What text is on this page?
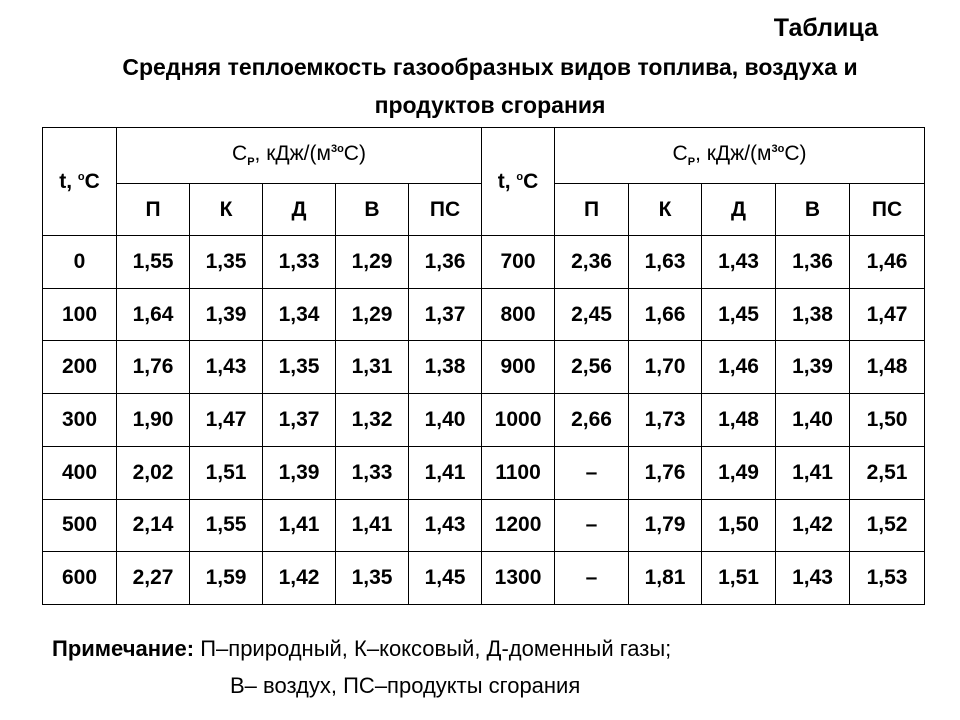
Таблица
Средняя теплоемкость газообразных видов топлива, воздуха и
продуктов сгорания
t, $^o$C	$C_P$, кДж/$(м^{3o}C)$					t, $^o$C	$C_P$, кДж/$(м^{3o}C)$				
	П	К	Д	В	ПС		П	К	Д	В	ПС
0	1,55	1,35	1,33	1,29	1,36	700	2,36	1,63	1,43	1,36	1,46
100	1,64	1,39	1,34	1,29	1,37	800	2,45	1,66	1,45	1,38	1,47
200	1,76	1,43	1,35	1,31	1,38	900	2,56	1,70	1,46	1,39	1,48
300	1,90	1,47	1,37	1,32	1,40	1000	2,66	1,73	1,48	1,40	1,50
400	2,02	1,51	1,39	1,33	1,41	1100	–	1,76	1,49	1,41	2,51
500	2,14	1,55	1,41	1,41	1,43	1200	–	1,79	1,50	1,42	1,52
600	2,27	1,59	1,42	1,35	1,45	1300	–	1,81	1,51	1,43	1,53
Примечание: П–природный, К–коксовый, Д-доменный газы;
В– воздух, ПС–продукты сгорания
